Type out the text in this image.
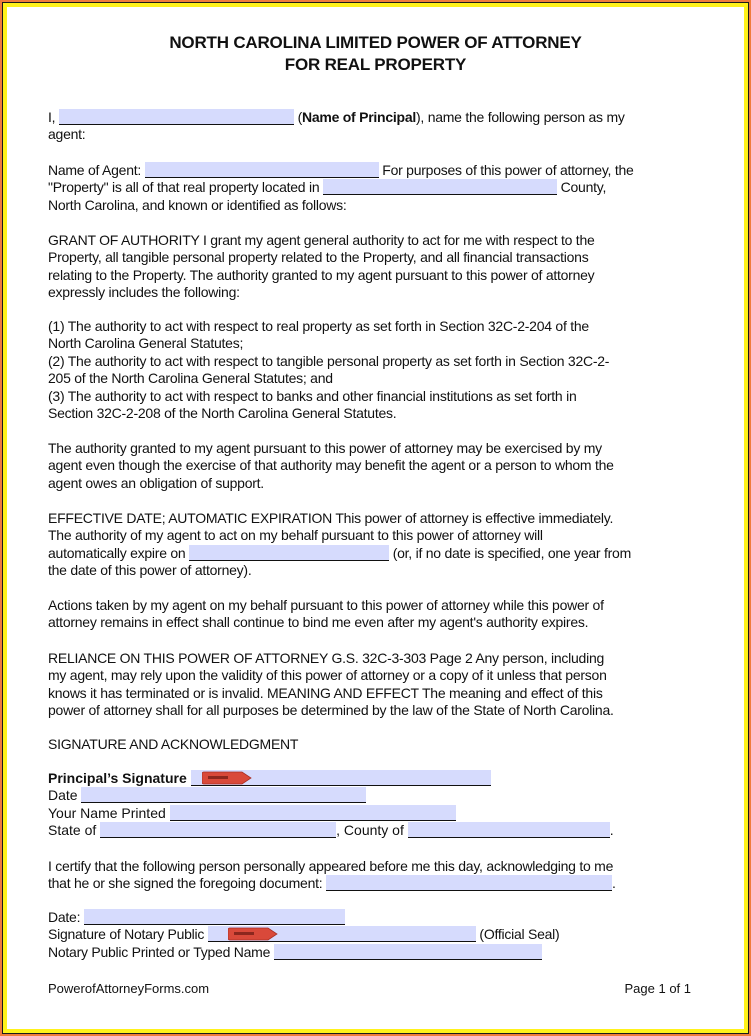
NORTH CAROLINA LIMITED POWER OF ATTORNEY
FOR REAL PROPERTY

I,	(Name of Principal), name the following person as my

agent:

Name of Agent:	For purposes of this power of attorney, the

"Property" is all of that real property located in	County,

North Carolina, and known or identified as follows:

GRANT OF AUTHORITY I grant my agent general authority to act for me with respect to the

Property, all tangible personal property related to the Property, and all financial transactions

relating to the Property. The authority granted to my agent pursuant to this power of attorney

expressly includes the following:

(1) The authority to act with respect to real property as set forth in Section 32C-2-204 of the

North Carolina General Statutes;

(2) The authority to act with respect to tangible personal property as set forth in Section 32C-2-

205 of the North Carolina General Statutes; and

(3) The authority to act with respect to banks and other financial institutions as set forth in

Section 32C-2-208 of the North Carolina General Statutes.

The authority granted to my agent pursuant to this power of attorney may be exercised by my

agent even though the exercise of that authority may benefit the agent or a person to whom the

agent owes an obligation of support.

EFFECTIVE DATE; AUTOMATIC EXPIRATION This power of attorney is effective immediately.

The authority of my agent to act on my behalf pursuant to this power of attorney will

automatically expire on	(or, if no date is specified, one year from

the date of this power of attorney).

Actions taken by my agent on my behalf pursuant to this power of attorney while this power of

attorney remains in effect shall continue to bind me even after my agent's authority expires.

RELIANCE ON THIS POWER OF ATTORNEY G.S. 32C-3-303 Page 2 Any person, including

my agent, may rely upon the validity of this power of attorney or a copy of it unless that person

knows it has terminated or is invalid. MEANING AND EFFECT The meaning and effect of this

power of attorney shall for all purposes be determined by the law of the State of North Carolina.

SIGNATURE AND ACKNOWLEDGMENT
Principal’s Signature
Date
Your Name Printed
State of	, County of	.

I certify that the following person personally appeared before me this day, acknowledging to me

that he or she signed the foregoing document:	.

Date:

Signature of Notary Public	(Official Seal)

Notary Public Printed or Typed Name

PowerofAttorneyForms.com	Page 1 of 1
